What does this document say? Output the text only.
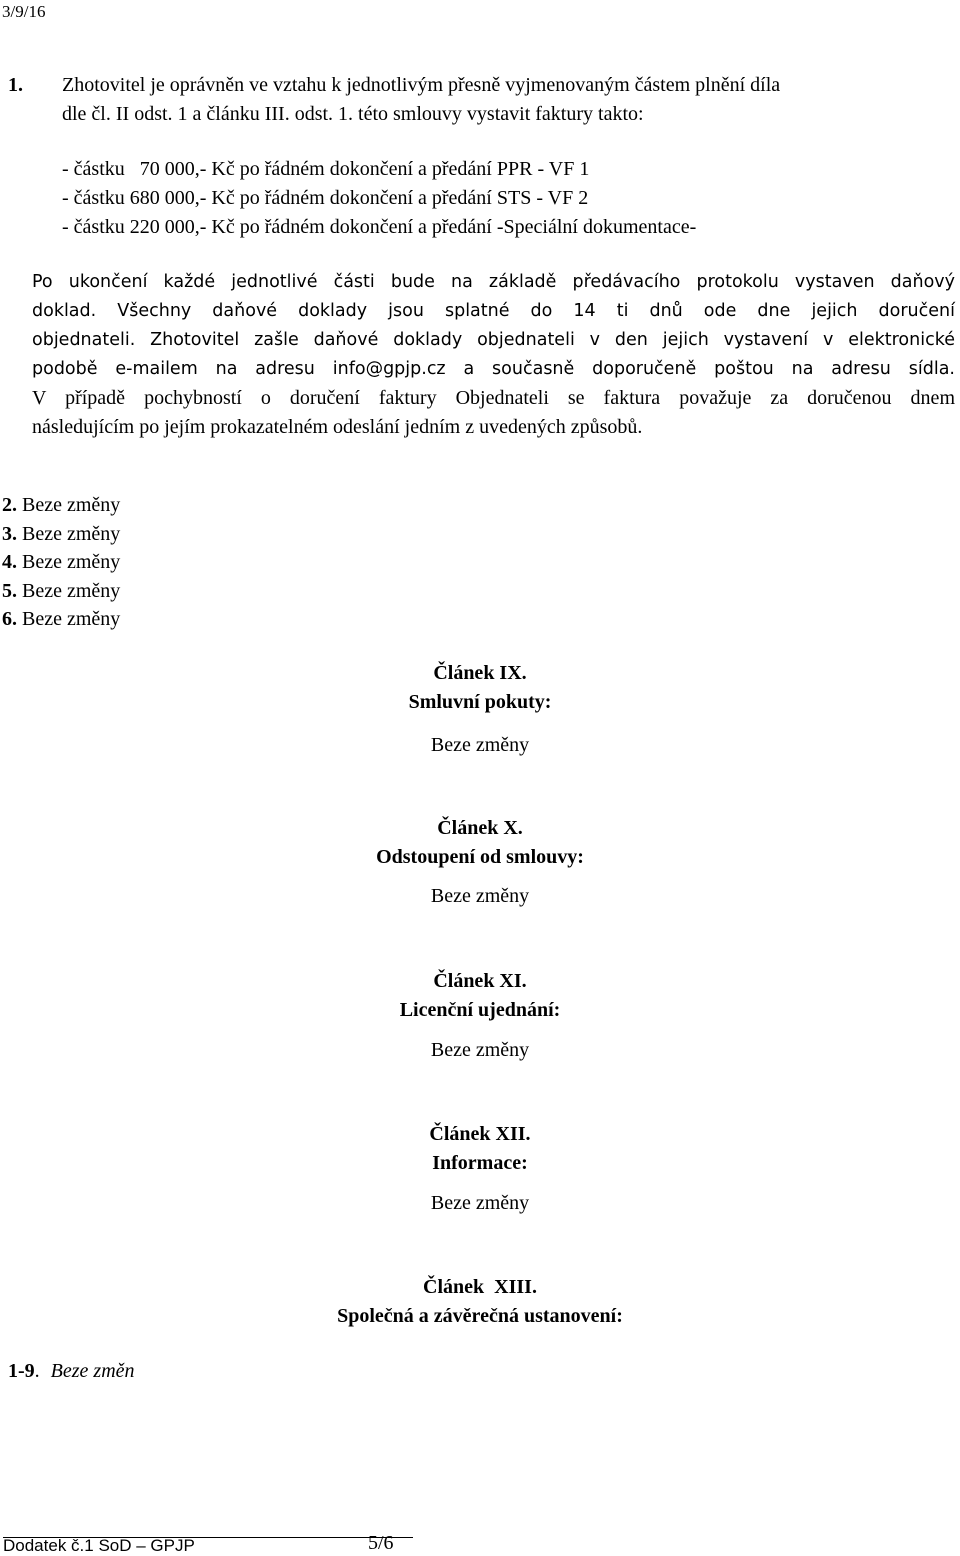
3/9/16
1. Zhotovitel je oprávněn ve vztahu k jednotlivým přesně vyjmenovaným částem plnění díla
dle čl. II odst. 1 a článku III. odst. 1. této smlouvy vystavit faktury takto:
- částku   70 000,- Kč po řádném dokončení a předání PPR - VF 1
- částku 680 000,- Kč po řádném dokončení a předání STS - VF 2
- částku 220 000,- Kč po řádném dokončení a předání -Speciální dokumentace-
Po ukončení každé jednotlivé části bude na základě předávacího protokolu vystaven daňový
doklad. Všechny daňové doklady jsou splatné do 14 ti dnů ode dne jejich doručení
objednateli. Zhotovitel zašle daňové doklady objednateli v den jejich vystavení v elektronické
podobě e-mailem na adresu info@gpjp.cz a současně doporučeně poštou na adresu sídla.
V případě pochybností o doručení faktury Objednateli se faktura považuje za doručenou dnem
následujícím po jejím prokazatelném odeslání jedním z uvedených způsobů.
2. Beze změny
3. Beze změny
4. Beze změny
5. Beze změny
6. Beze změny
Článek IX.
Smluvní pokuty:
Beze změny
Článek X.
Odstoupení od smlouvy:
Beze změny
Článek XI.
Licenční ujednání:
Beze změny
Článek XII.
Informace:
Beze změny
Článek  XIII.
Společná a závěrečná ustanovení:
1-9. Beze změn
Dodatek č.1 SoD – GPJP	5/6
